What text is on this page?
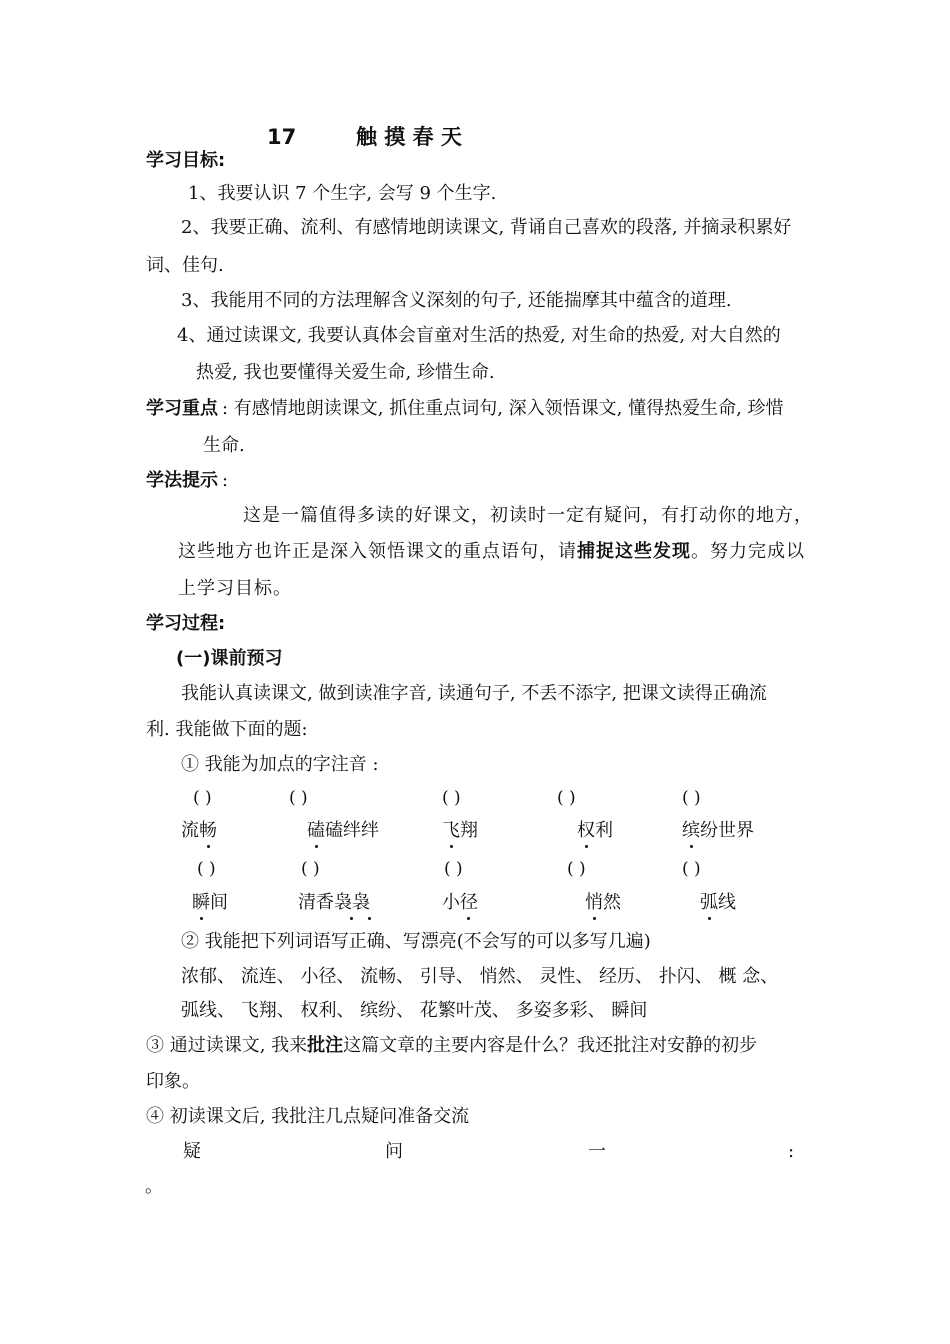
17	触 摸 春 天
学习目标:
1、我要认识 7 个生字, 会写 9 个生字.
2、我要正确、流利、有感情地朗读课文, 背诵自己喜欢的段落, 并摘录积累好
词、佳句.
3、我能用不同的方法理解含义深刻的句子, 还能揣摩其中蕴含的道理.
4、通过读课文, 我要认真体会盲童对生活的热爱, 对生命的热爱, 对大自然的
热爱, 我也要懂得关爱生命, 珍惜生命.
学习重点 : 有感情地朗读课文, 抓住重点词句, 深入领悟课文, 懂得热爱生命, 珍惜
生命.
学法提示 :
这是一篇值得多读的好课文，初读时一定有疑问，有打动你的地方，
这些地方也许正是深入领悟课文的重点语句，请捕捉这些发现。努力完成以
上学习目标。
学习过程:
(一)课前预习
我能认真读课文, 做到读准字音, 读通句子, 不丢不添字, 把课文读得正确流
利. 我能做下面的题:
① 我能为加点的字注音 :
( )	( )	( )	( )	( )
流畅	磕磕绊绊	飞翔	权利	缤纷世界
( )	( )	( )	( )	( )
瞬间	清香袅袅	小径	悄然	弧线
② 我能把下列词语写正确、写漂亮(不会写的可以多写几遍)
浓郁、 流连、 小径、 流畅、 引导、 悄然、 灵性、 经历、 扑闪、 概 念、
弧线、 飞翔、 权利、 缤纷、 花繁叶茂、 多姿多彩、 瞬间
③ 通过读课文, 我来批注这篇文章的主要内容是什么？我还批注对安静的初步
印象。
④ 初读课文后, 我批注几点疑问准备交流
疑	问	一	:
。
